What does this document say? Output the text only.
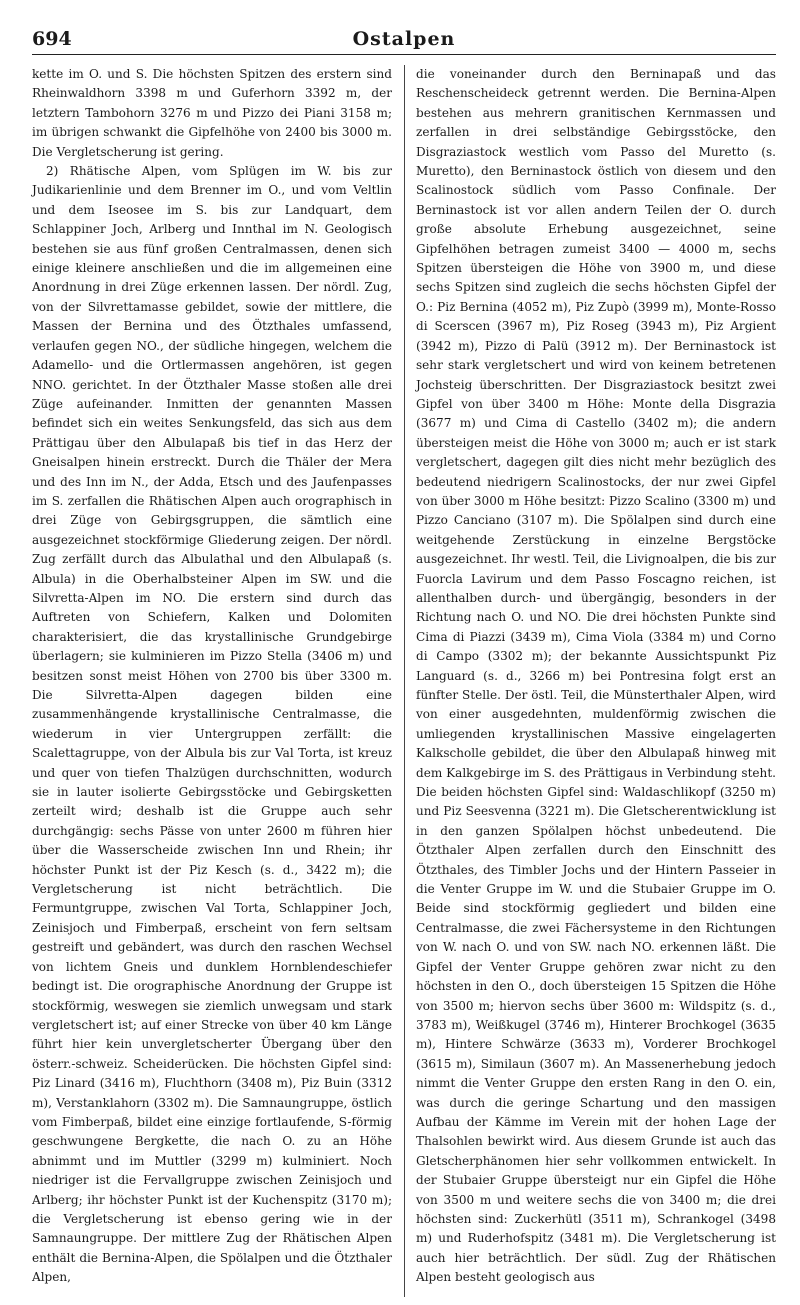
694	Ostalpen

kette im O. und S. Die höchsten Spitzen des erstern sind Rheinwaldhorn 3398 m und Guferhorn 3392 m, der letztern Tambohorn 3276 m und Pizzo dei Piani 3158 m; im übrigen schwankt die Gipfelhöhe von 2400 bis 3000 m. Die Vergletscherung ist gering.

2) Rhätische Alpen, vom Splügen im W. bis zur Judikarienlinie und dem Brenner im O., und vom Veltlin und dem Iseosee im S. bis zur Landquart, dem Schlappiner Joch, Arlberg und Innthal im N. Geologisch bestehen sie aus fünf großen Centralmassen, denen sich einige kleinere anschließen und die im allgemeinen eine Anordnung in drei Züge erkennen lassen. Der nördl. Zug, von der Silvrettamasse gebildet, sowie der mittlere, die Massen der Bernina und des Ötzthales umfassend, verlaufen gegen NO., der südliche hingegen, welchem die Adamello- und die Ortlermassen angehören, ist gegen NNO. gerichtet. In der Ötzthaler Masse stoßen alle drei Züge aufeinander. Inmitten der genannten Massen befindet sich ein weites Senkungsfeld, das sich aus dem Prättigau über den Albulapaß bis tief in das Herz der Gneisalpen hinein erstreckt. Durch die Thäler der Mera und des Inn im N., der Adda, Etsch und des Jaufenpasses im S. zerfallen die Rhätischen Alpen auch orographisch in drei Züge von Gebirgsgruppen, die sämtlich eine ausgezeichnet stockförmige Gliederung zeigen. Der nördl. Zug zerfällt durch das Albulathal und den Albulapaß (s. Albula) in die Oberhalbsteiner Alpen im SW. und die Silvretta-Alpen im NO. Die erstern sind durch das Auftreten von Schiefern, Kalken und Dolomiten charakterisiert, die das krystallinische Grundgebirge überlagern; sie kulminieren im Pizzo Stella (3406 m) und besitzen sonst meist Höhen von 2700 bis über 3300 m. Die Silvretta-Alpen dagegen bilden eine zusammenhängende krystallinische Centralmasse, die wiederum in vier Untergruppen zerfällt: die Scalettagruppe, von der Albula bis zur Val Torta, ist kreuz und quer von tiefen Thalzügen durchschnitten, wodurch sie in lauter isolierte Gebirgsstöcke und Gebirgsketten zerteilt wird; deshalb ist die Gruppe auch sehr durchgängig: sechs Pässe von unter 2600 m führen hier über die Wasserscheide zwischen Inn und Rhein; ihr höchster Punkt ist der Piz Kesch (s. d., 3422 m); die Vergletscherung ist nicht beträchtlich. Die Fermuntgruppe, zwischen Val Torta, Schlappiner Joch, Zeinisjoch und Fimberpaß, erscheint von fern seltsam gestreift und gebändert, was durch den raschen Wechsel von lichtem Gneis und dunklem Hornblendeschiefer bedingt ist. Die orographische Anordnung der Gruppe ist stockförmig, weswegen sie ziemlich unwegsam und stark vergletschert ist; auf einer Strecke von über 40 km Länge führt hier kein unvergletscherter Übergang über den österr.-schweiz. Scheiderücken. Die höchsten Gipfel sind: Piz Linard (3416 m), Fluchthorn (3408 m), Piz Buin (3312 m), Verstanklahorn (3302 m). Die Samnaungruppe, östlich vom Fimberpaß, bildet eine einzige fortlaufende, S-förmig geschwungene Bergkette, die nach O. zu an Höhe abnimmt und im Muttler (3299 m) kulminiert. Noch niedriger ist die Fervallgruppe zwischen Zeinisjoch und Arlberg; ihr höchster Punkt ist der Kuchenspitz (3170 m); die Vergletscherung ist ebenso gering wie in der Samnaungruppe. Der mittlere Zug der Rhätischen Alpen enthält die Bernina-Alpen, die Spölalpen und die Ötzthaler Alpen,

die voneinander durch den Berninapaß und das Reschenscheideck getrennt werden. Die Bernina-Alpen bestehen aus mehrern granitischen Kernmassen und zerfallen in drei selbständige Gebirgsstöcke, den Disgraziastock westlich vom Passo del Muretto (s. Muretto), den Berninastock östlich von diesem und den Scalinostock südlich vom Passo Confinale. Der Berninastock ist vor allen andern Teilen der O. durch große absolute Erhebung ausgezeichnet, seine Gipfelhöhen betragen zumeist 3400 — 4000 m, sechs Spitzen übersteigen die Höhe von 3900 m, und diese sechs Spitzen sind zugleich die sechs höchsten Gipfel der O.: Piz Bernina (4052 m), Piz Zupò (3999 m), Monte-Rosso di Scerscen (3967 m), Piz Roseg (3943 m), Piz Argient (3942 m), Pizzo di Palü (3912 m). Der Berninastock ist sehr stark vergletschert und wird von keinem betretenen Jochsteig überschritten. Der Disgraziastock besitzt zwei Gipfel von über 3400 m Höhe: Monte della Disgrazia (3677 m) und Cima di Castello (3402 m); die andern übersteigen meist die Höhe von 3000 m; auch er ist stark vergletschert, dagegen gilt dies nicht mehr bezüglich des bedeutend niedrigern Scalinostocks, der nur zwei Gipfel von über 3000 m Höhe besitzt: Pizzo Scalino (3300 m) und Pizzo Canciano (3107 m). Die Spölalpen sind durch eine weitgehende Zerstückung in einzelne Bergstöcke ausgezeichnet. Ihr westl. Teil, die Livignoalpen, die bis zur Fuorcla Lavirum und dem Passo Foscagno reichen, ist allenthalben durch- und übergängig, besonders in der Richtung nach O. und NO. Die drei höchsten Punkte sind Cima di Piazzi (3439 m), Cima Viola (3384 m) und Corno di Campo (3302 m); der bekannte Aussichtspunkt Piz Languard (s. d., 3266 m) bei Pontresina folgt erst an fünfter Stelle. Der östl. Teil, die Münsterthaler Alpen, wird von einer ausgedehnten, muldenförmig zwischen die umliegenden krystallinischen Massive eingelagerten Kalkscholle gebildet, die über den Albulapaß hinweg mit dem Kalkgebirge im S. des Prättigaus in Verbindung steht. Die beiden höchsten Gipfel sind: Waldaschlikopf (3250 m) und Piz Seesvenna (3221 m). Die Gletscherentwicklung ist in den ganzen Spölalpen höchst unbedeutend. Die Ötzthaler Alpen zerfallen durch den Einschnitt des Ötzthales, des Timbler Jochs und der Hintern Passeier in die Venter Gruppe im W. und die Stubaier Gruppe im O. Beide sind stockförmig gegliedert und bilden eine Centralmasse, die zwei Fächersysteme in den Richtungen von W. nach O. und von SW. nach NO. erkennen läßt. Die Gipfel der Venter Gruppe gehören zwar nicht zu den höchsten in den O., doch übersteigen 15 Spitzen die Höhe von 3500 m; hiervon sechs über 3600 m: Wildspitz (s. d., 3783 m), Weißkugel (3746 m), Hinterer Brochkogel (3635 m), Hintere Schwärze (3633 m), Vorderer Brochkogel (3615 m), Similaun (3607 m). An Massenerhebung jedoch nimmt die Venter Gruppe den ersten Rang in den O. ein, was durch die geringe Schartung und den massigen Aufbau der Kämme im Verein mit der hohen Lage der Thalsohlen bewirkt wird. Aus diesem Grunde ist auch das Gletscherphänomen hier sehr vollkommen entwickelt. In der Stubaier Gruppe übersteigt nur ein Gipfel die Höhe von 3500 m und weitere sechs die von 3400 m; die drei höchsten sind: Zuckerhütl (3511 m), Schrankogel (3498 m) und Ruderhofspitz (3481 m). Die Vergletscherung ist auch hier beträchtlich. Der südl. Zug der Rhätischen Alpen besteht geologisch aus
